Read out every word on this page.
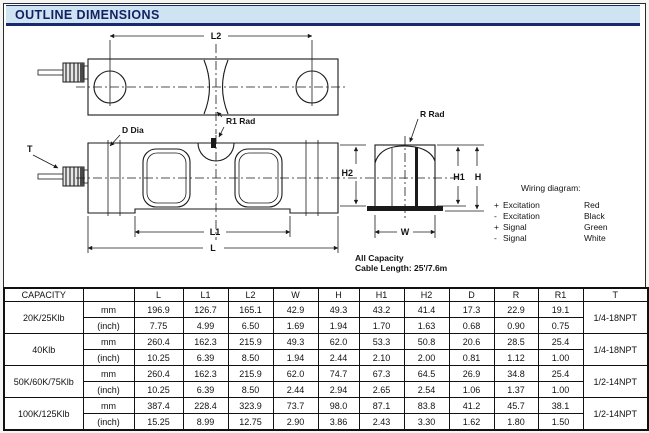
OUTLINE DIMENSIONS
L2
R1 Rad
T
D Dia
L1
L
H2
R Rad
H1 H
W
Wiring diagram:
+ Excitation	Red
- Excitation	Black
+ Signal	Green
- Signal	White
All Capacity
Cable Length: 25'/7.6m
CAPACITY		L	L1	L2	W	H	H1	H2	D	R	R1	T
20K/25Klb	mm	196.9	126.7	165.1	42.9	49.3	43.2	41.4	17.3	22.9	19.1	1/4-18NPT
	(inch)	7.75	4.99	6.50	1.69	1.94	1.70	1.63	0.68	0.90	0.75	
40Klb	mm	260.4	162.3	215.9	49.3	62.0	53.3	50.8	20.6	28.5	25.4	1/4-18NPT
	(inch)	10.25	6.39	8.50	1.94	2.44	2.10	2.00	0.81	1.12	1.00	
50K/60K/75Klb	mm	260.4	162.3	215.9	62.0	74.7	67.3	64.5	26.9	34.8	25.4	1/2-14NPT
	(inch)	10.25	6.39	8.50	2.44	2.94	2.65	2.54	1.06	1.37	1.00	
100K/125Klb	mm	387.4	228.4	323.9	73.7	98.0	87.1	83.8	41.2	45.7	38.1	1/2-14NPT
	(inch)	15.25	8.99	12.75	2.90	3.86	2.43	3.30	1.62	1.80	1.50	
